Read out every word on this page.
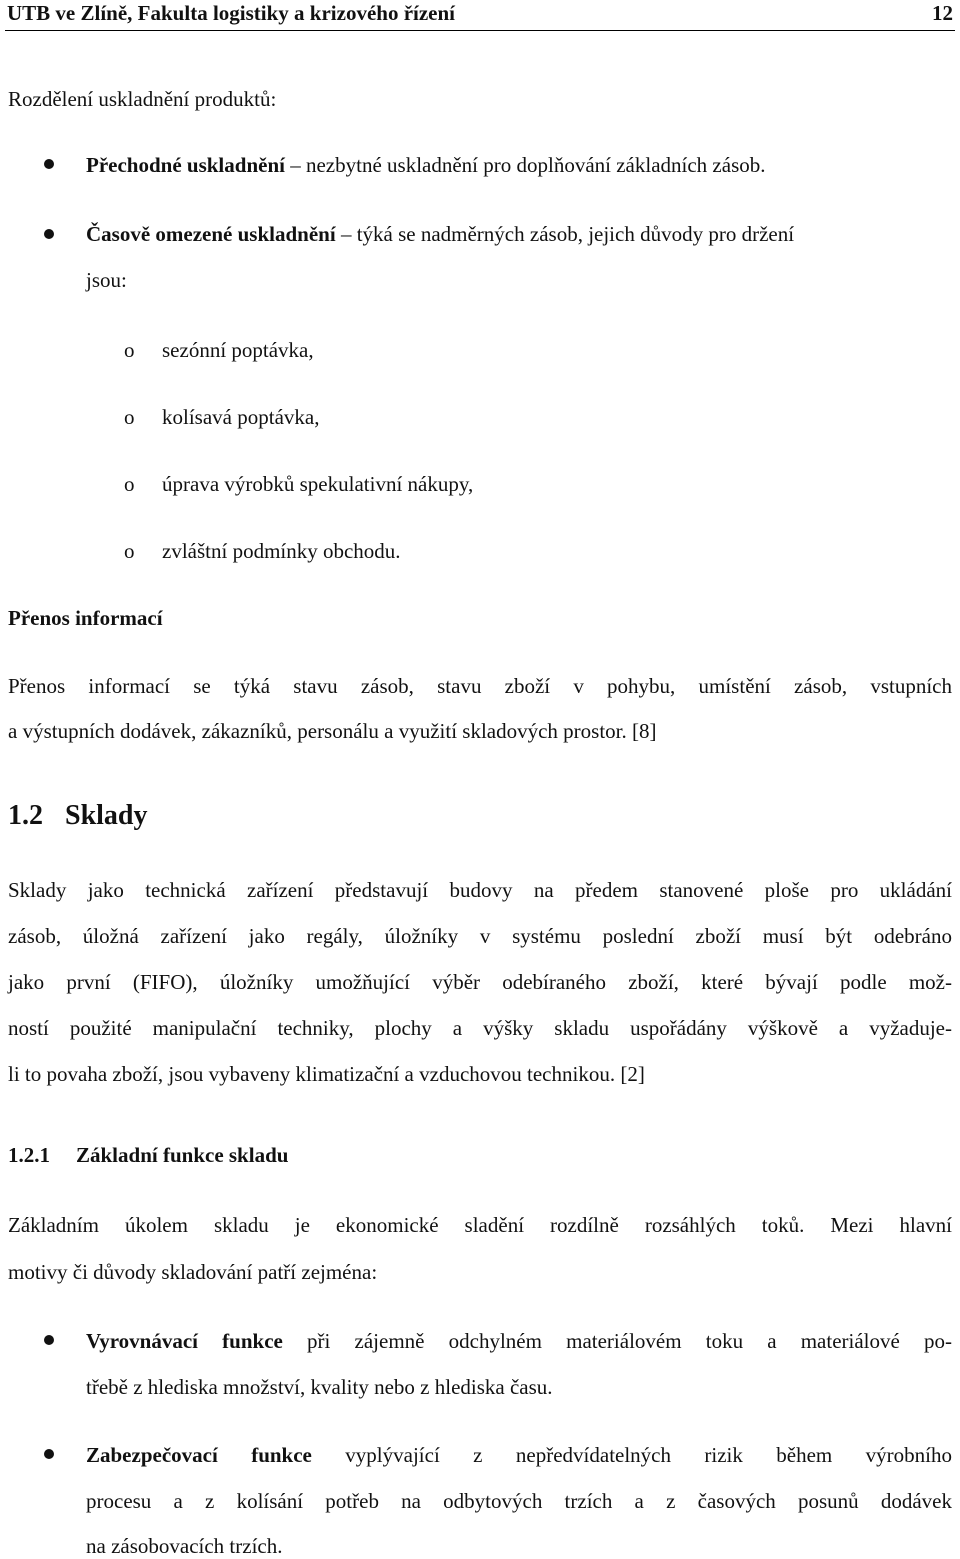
UTB ve Zlíně, Fakulta logistiky a krizového řízení	12
Rozdělení uskladnění produktů:
Přechodné uskladnění – nezbytné uskladnění pro doplňování základních zásob.
Časově omezené uskladnění – týká se nadměrných zásob, jejich důvody pro držení
jsou:
o sezónní poptávka,
o kolísavá poptávka,
o úprava výrobků spekulativní nákupy,
o zvláštní podmínky obchodu.
Přenos informací
Přenos informací se týká stavu zásob, stavu zboží v pohybu, umístění zásob, vstupních
a výstupních dodávek, zákazníků, personálu a využití skladových prostor. [8]
1.2 Sklady
Sklady jako technická zařízení představují budovy na předem stanovené ploše pro ukládání
zásob, úložná zařízení jako regály, úložníky v systému poslední zboží musí být odebráno
jako první (FIFO), úložníky umožňující výběr odebíraného zboží, které bývají podle mož-
ností použité manipulační techniky, plochy a výšky skladu uspořádány výškově a vyžaduje-
li to povaha zboží, jsou vybaveny klimatizační a vzduchovou technikou. [2]
1.2.1 Základní funkce skladu
Základním úkolem skladu je ekonomické sladění rozdílně rozsáhlých toků. Mezi hlavní
motivy či důvody skladování patří zejména:
Vyrovnávací funkce při zájemně odchylném materiálovém toku a materiálové po-
třebě z hlediska množství, kvality nebo z hlediska času.
Zabezpečovací funkce vyplývající z nepředvídatelných rizik během výrobního
procesu a z kolísání potřeb na odbytových trzích a z časových posunů dodávek
na zásobovacích trzích.
